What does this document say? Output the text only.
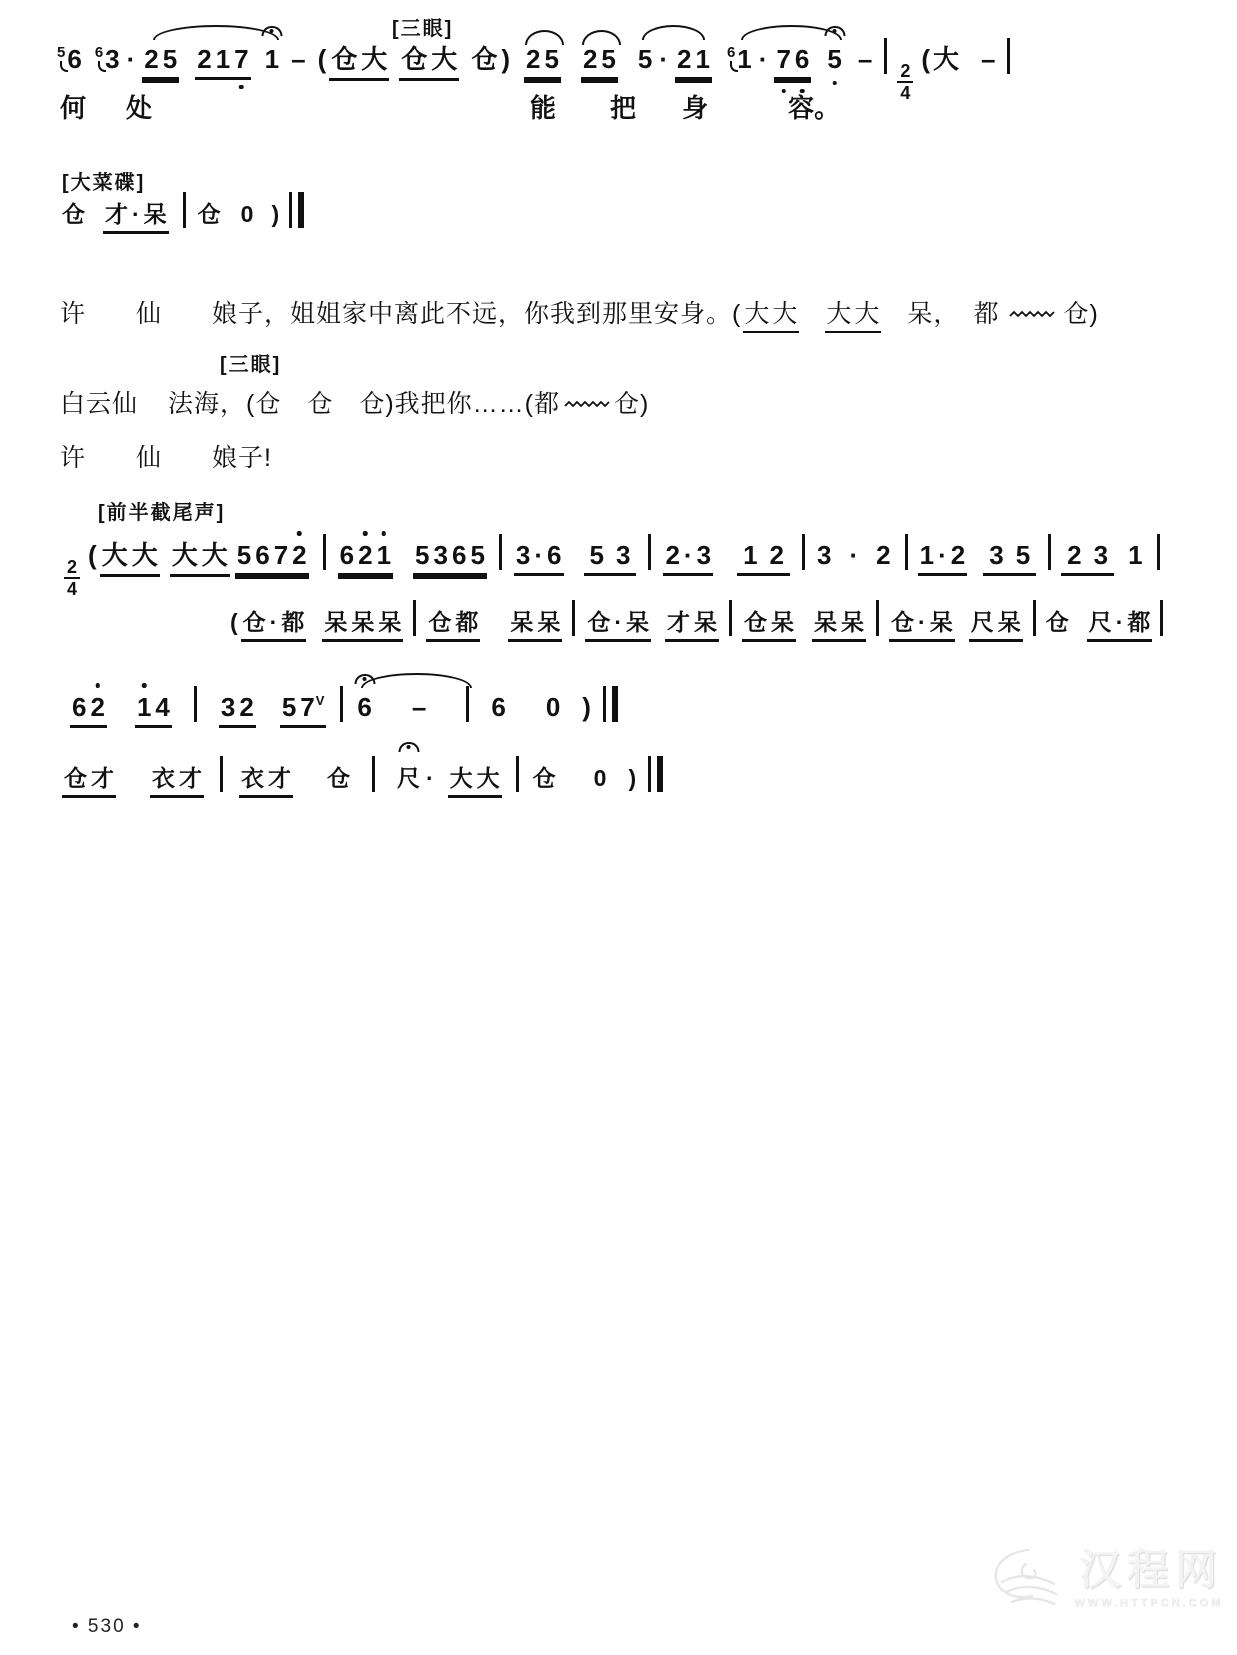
[三眼]
56 63 · 2 5 2 1 7 1 – ( 仓 大 仓 大 仓 ) 2 5 2 5 5 · 2 1 61 · 7 6 5 –
$\frac{2}{4}$
( 大 –
何 处	能 把 身	容。
[大菜碟]
仓 才 · 呆 仓 0 )
许 仙 娘子，姐姐家中离此不远，你我到那里安身。( 大大 大大 呆， 都	仓)
[三眼]
白云仙 法海，(仓 仓 仓)我把你……(都 仓)
许 仙 娘子!
[前半截尾声]
$\frac{2}{4}$
( 大 大 大 大 5 6 7 2 6 2 1 5 3 6 5 3 · 6 5 3 2 · 3 1 2 3 · 2 1 · 2 3 5 2 3 1
( 仓 · 都 呆 呆 呆 仓 都 呆 呆 仓 · 呆 才 呆 仓 呆 呆 呆 仓 · 呆 尺 呆 仓 尺 · 都
6 2 1 4 3 2 5 $7^V$ 6 –	6 0 )
仓 才 衣 才 衣 才 仓 尺 · 大 大 仓 0 )
• 530 •
汉程网
WWW.HTTPCN.COM
